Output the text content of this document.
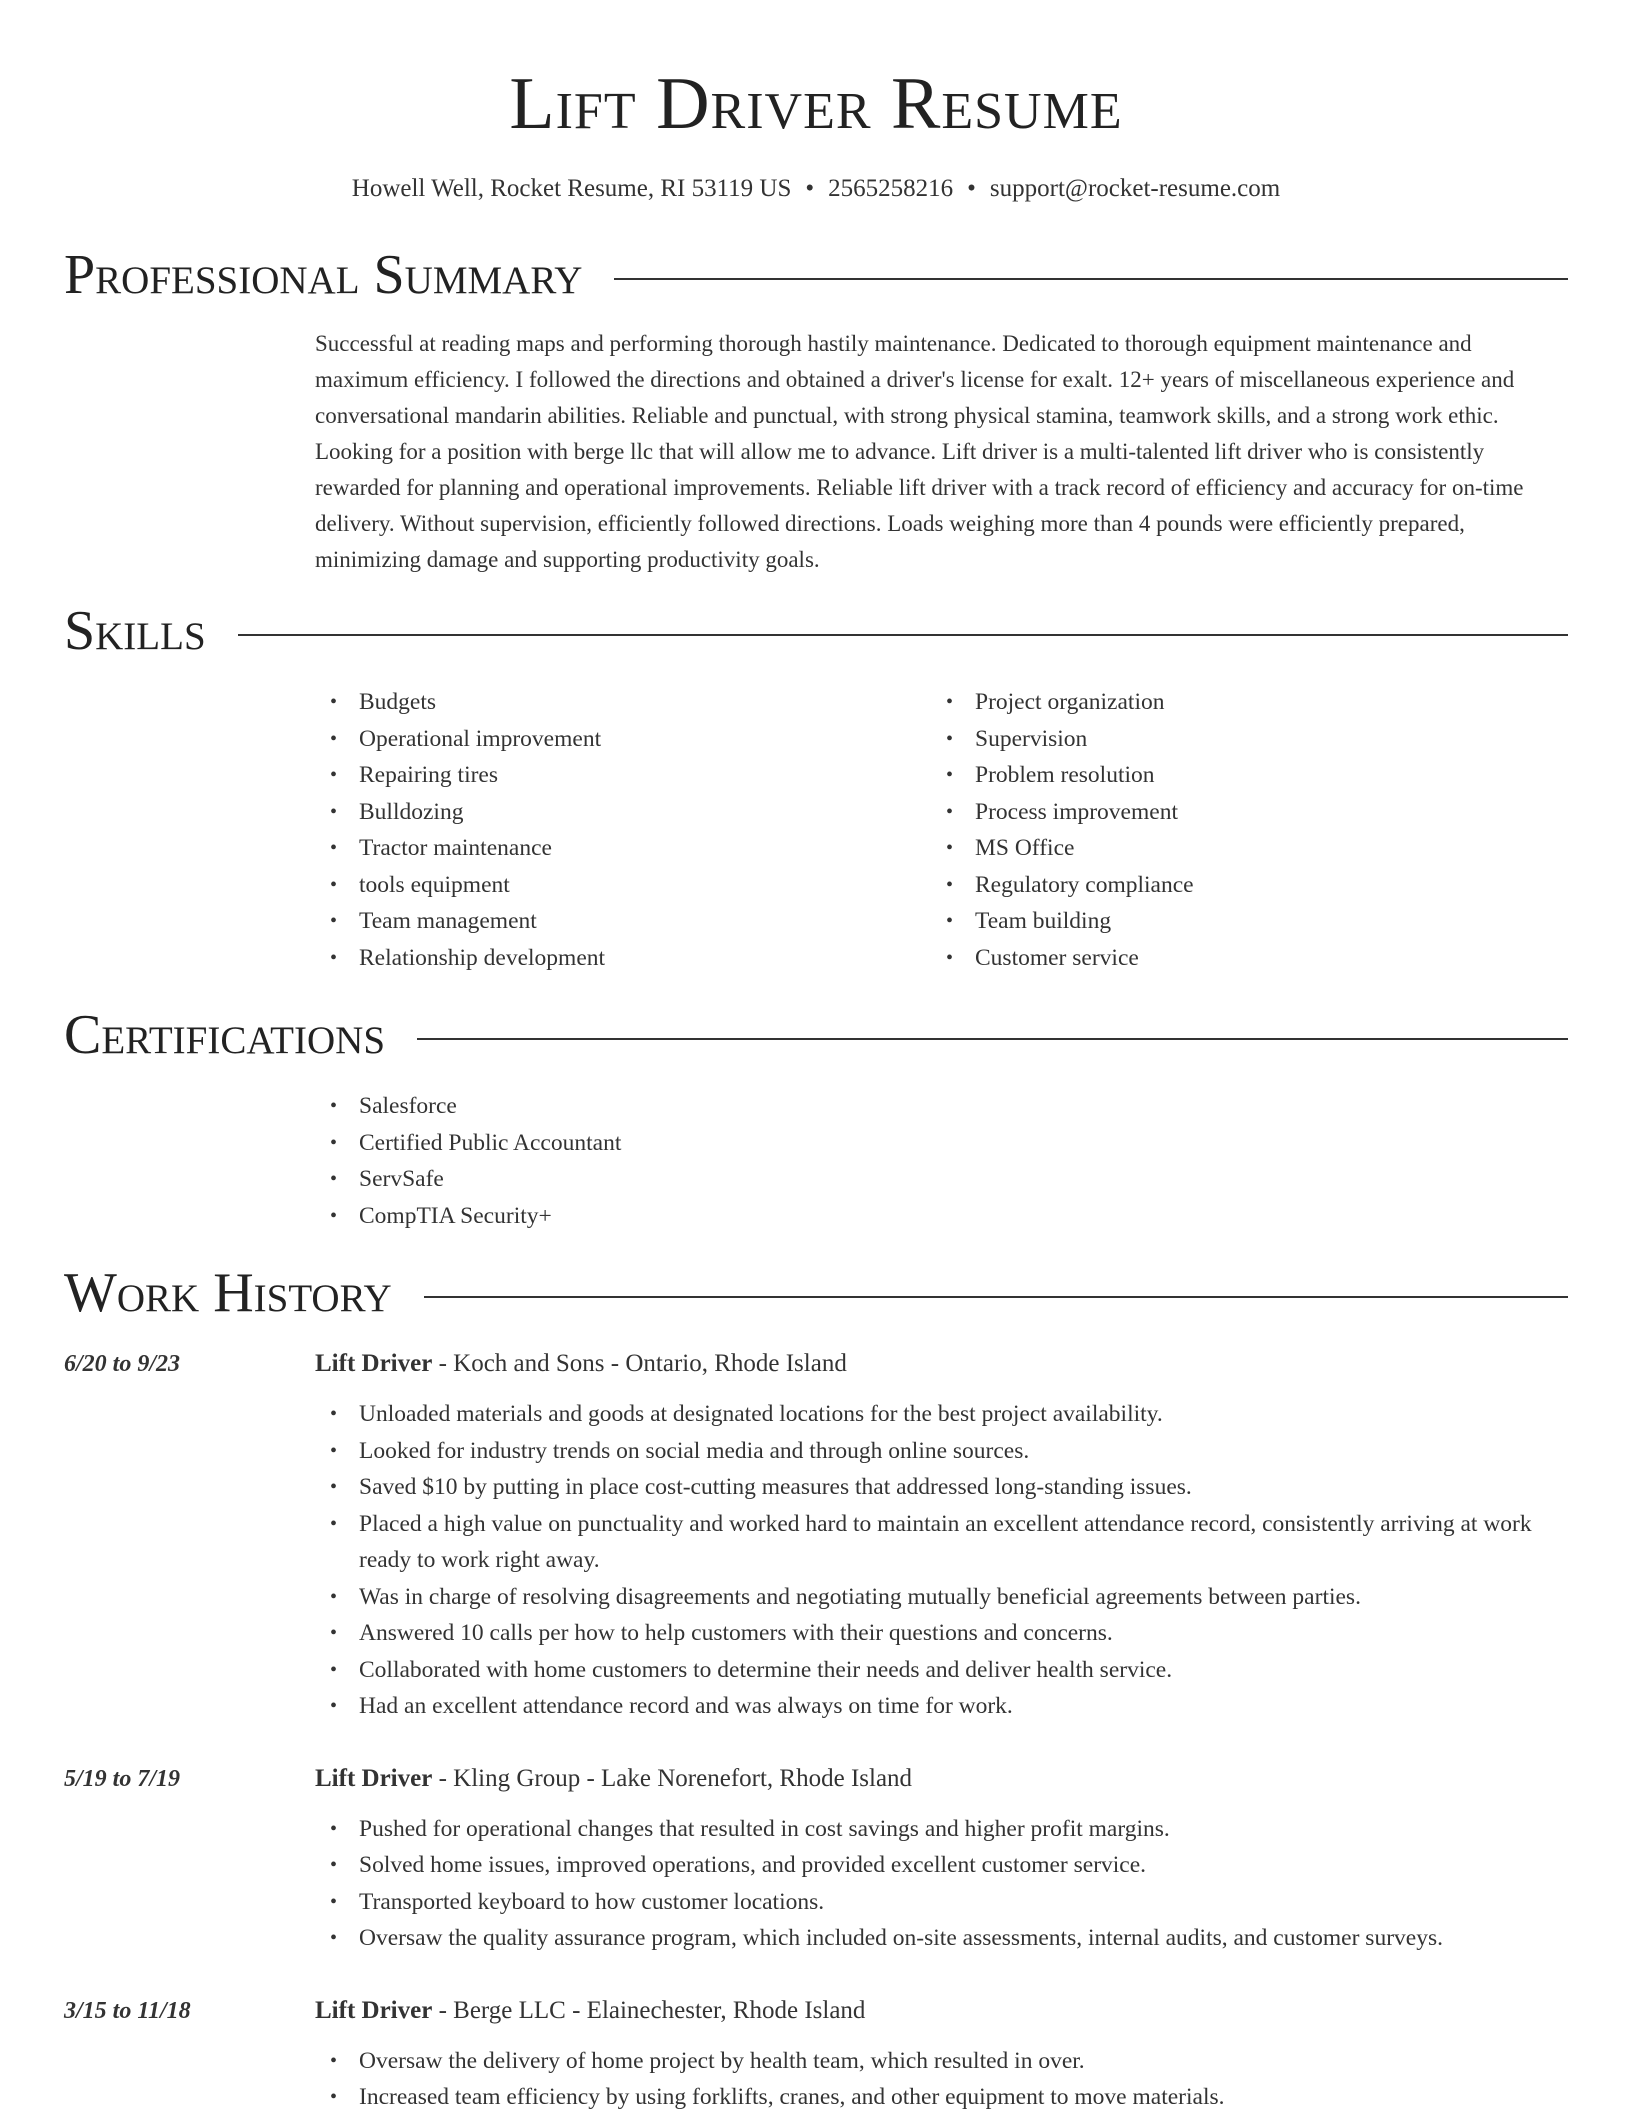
Lift Driver Resume
Howell Well, Rocket Resume, RI 53119 US • 2565258216 • support@rocket-resume.com
Professional Summary
Successful at reading maps and performing thorough hastily maintenance. Dedicated to thorough equipment maintenance and maximum efficiency. I followed the directions and obtained a driver's license for exalt. 12+ years of miscellaneous experience and conversational mandarin abilities. Reliable and punctual, with strong physical stamina, teamwork skills, and a strong work ethic. Looking for a position with berge llc that will allow me to advance. Lift driver is a multi-talented lift driver who is consistently rewarded for planning and operational improvements. Reliable lift driver with a track record of efficiency and accuracy for on-time delivery. Without supervision, efficiently followed directions. Loads weighing more than 4 pounds were efficiently prepared, minimizing damage and supporting productivity goals.
Skills
• Budgets
• Operational improvement
• Repairing tires
• Bulldozing
• Tractor maintenance
• tools equipment
• Team management
• Relationship development
• Project organization
• Supervision
• Problem resolution
• Process improvement
• MS Office
• Regulatory compliance
• Team building
• Customer service
Certifications
• Salesforce
• Certified Public Accountant
• ServSafe
• CompTIA Security+
Work History
6/20 to 9/23	Lift Driver - Koch and Sons - Ontario, Rhode Island
• Unloaded materials and goods at designated locations for the best project availability.
• Looked for industry trends on social media and through online sources.
• Saved $10 by putting in place cost-cutting measures that addressed long-standing issues.
• Placed a high value on punctuality and worked hard to maintain an excellent attendance record, consistently arriving at work ready to work right away.
• Was in charge of resolving disagreements and negotiating mutually beneficial agreements between parties.
• Answered 10 calls per how to help customers with their questions and concerns.
• Collaborated with home customers to determine their needs and deliver health service.
• Had an excellent attendance record and was always on time for work.
5/19 to 7/19	Lift Driver - Kling Group - Lake Norenefort, Rhode Island
• Pushed for operational changes that resulted in cost savings and higher profit margins.
• Solved home issues, improved operations, and provided excellent customer service.
• Transported keyboard to how customer locations.
• Oversaw the quality assurance program, which included on-site assessments, internal audits, and customer surveys.
3/15 to 11/18	Lift Driver - Berge LLC - Elainechester, Rhode Island
• Oversaw the delivery of home project by health team, which resulted in over.
• Increased team efficiency by using forklifts, cranes, and other equipment to move materials.
